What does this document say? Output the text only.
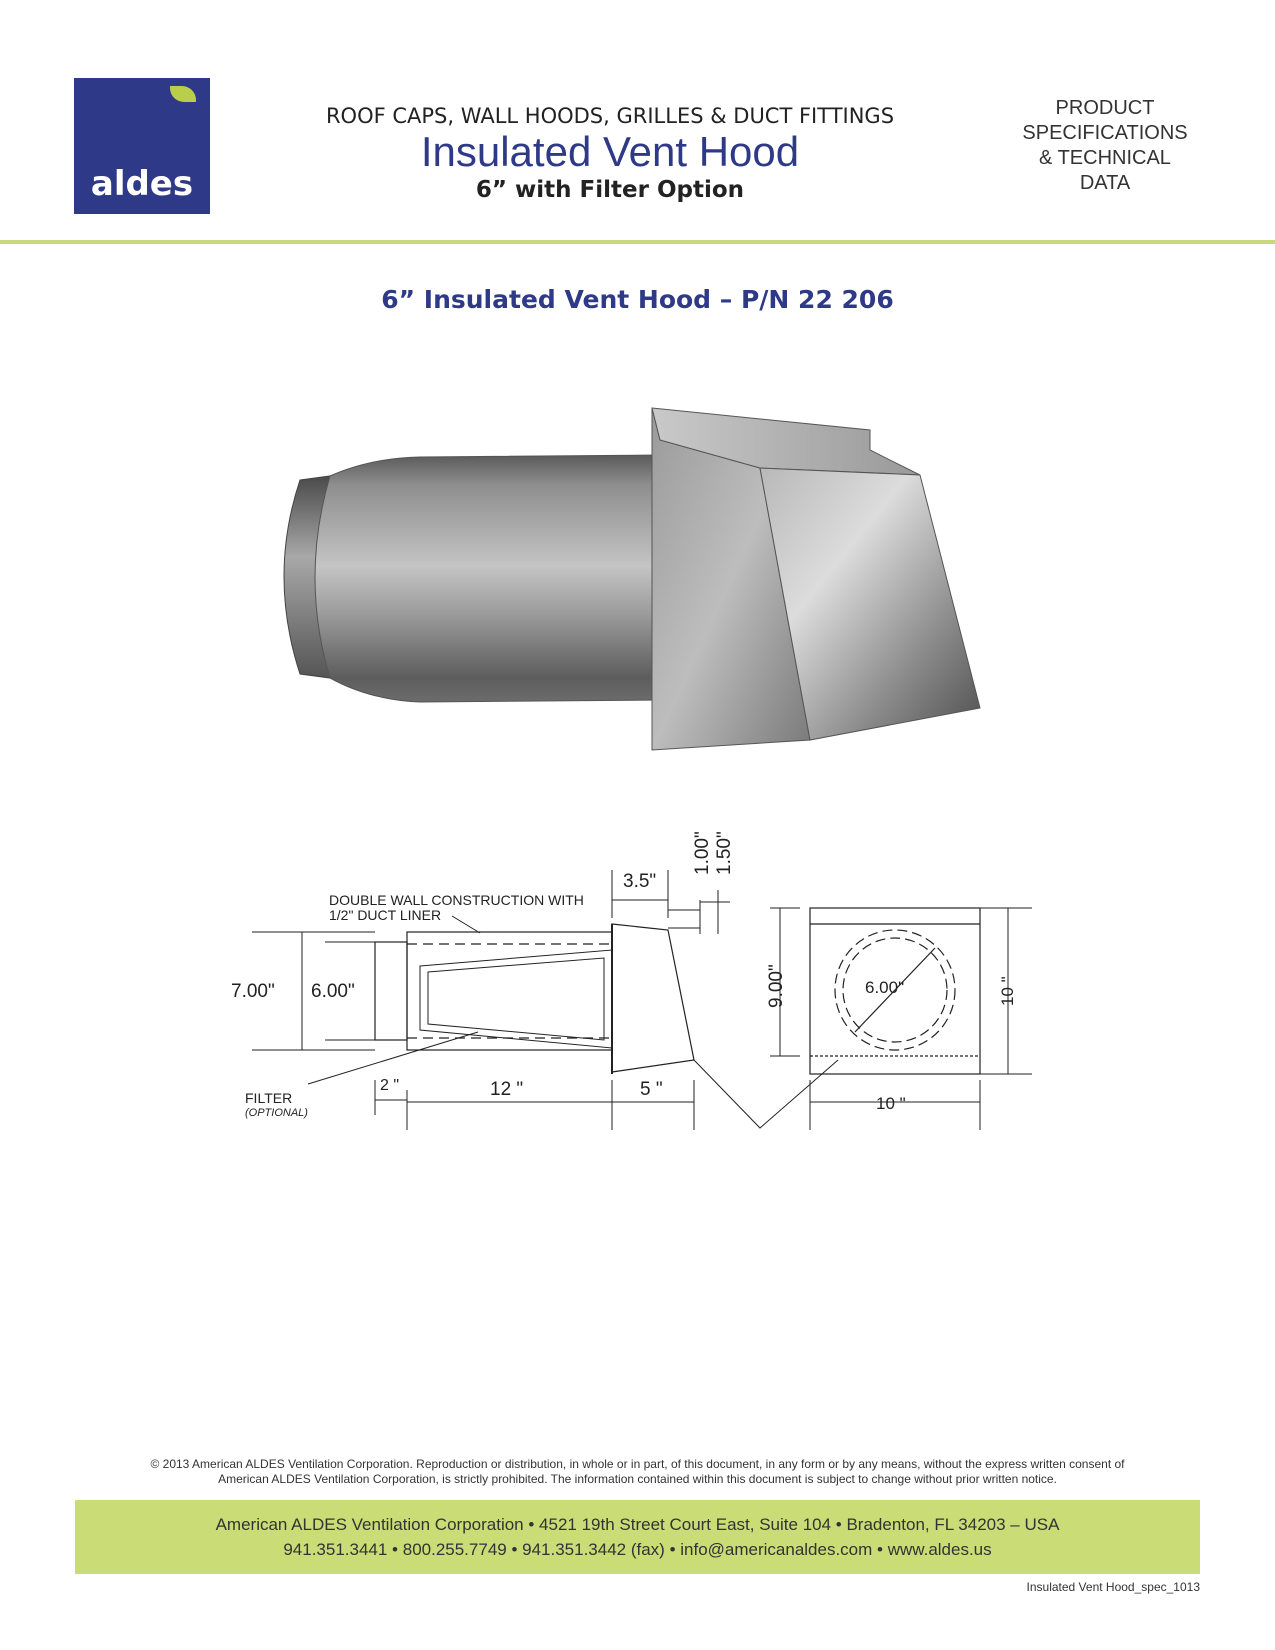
aldes
ROOF CAPS, WALL HOODS, GRILLES & DUCT FITTINGS
Insulated Vent Hood
6” with Filter Option
PRODUCT
SPECIFICATIONS
& TECHNICAL
DATA
6” Insulated Vent Hood – P/N 22 206
DOUBLE WALL CONSTRUCTION WITH
1/2" DUCT LINER
7.00" 6.00"
3.5"
1.00" 1.50"
9.00"	6.00"	10 "
10 "
2 "	12 "	5 "
FILTER
(OPTIONAL)
© 2013 American ALDES Ventilation Corporation. Reproduction or distribution, in whole or in part, of this document, in any form or by any means, without the express written consent of
American ALDES Ventilation Corporation, is strictly prohibited. The information contained within this document is subject to change without prior written notice.
American ALDES Ventilation Corporation • 4521 19th Street Court East, Suite 104 • Bradenton, FL 34203 – USA
941.351.3441 • 800.255.7749 • 941.351.3442 (fax) • info@americanaldes.com • www.aldes.us
Insulated Vent Hood_spec_1013
